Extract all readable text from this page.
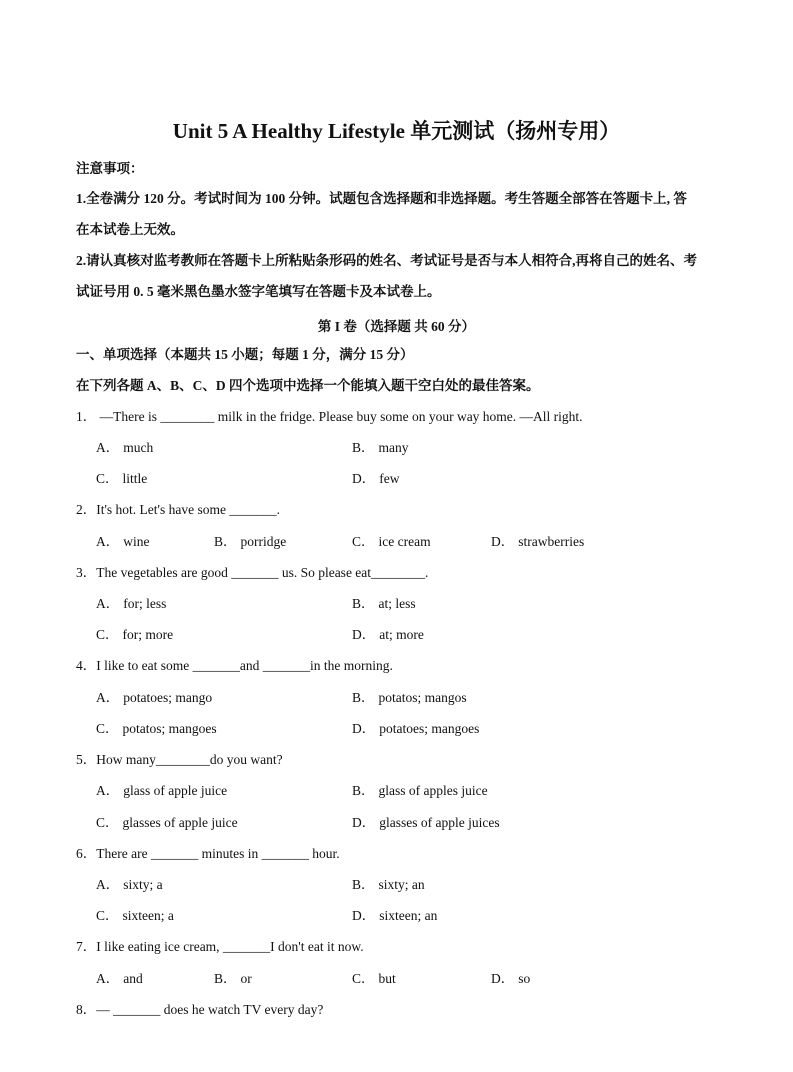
Unit 5 A Healthy Lifestyle 单元测试（扬州专用）
注意事项：
1.全卷满分 120 分。考试时间为 100 分钟。试题包含选择题和非选择题。考生答题全部答在答题卡上, 答
在本试卷上无效。
2.请认真核对监考教师在答题卡上所粘贴条形码的姓名、考试证号是否与本人相符合,再将自己的姓名、考
试证号用 0. 5 毫米黑色墨水签字笔填写在答题卡及本试卷上。
第 I 卷（选择题 共 60 分）
一、单项选择（本题共 15 小题；每题 1 分，满分 15 分）
在下列各题 A、B、C、D 四个选项中选择一个能填入题干空白处的最佳答案。
1． —There is ________ milk in the fridge. Please buy some on your way home. —All right.
A． much	B． many
C． little	D． few
2．It's hot. Let's have some _______.
A． wine	B． porridge	C． ice cream	D． strawberries
3．The vegetables are good _______ us. So please eat________.
A． for; less	B． at; less
C． for; more	D． at; more
4．I like to eat some _______and _______in the morning.
A． potatoes; mango	B． potatos; mangos
C． potatos; mangoes	D． potatoes; mangoes
5．How many________do you want?
A． glass of apple juice	B． glass of apples juice
C． glasses of apple juice	D． glasses of apple juices
6．There are _______ minutes in _______ hour.
A． sixty; a	B． sixty; an
C． sixteen; a	D． sixteen; an
7．I like eating ice cream, _______I don't eat it now.
A． and	B． or	C． but	D． so
8．— _______ does he watch TV every day?
